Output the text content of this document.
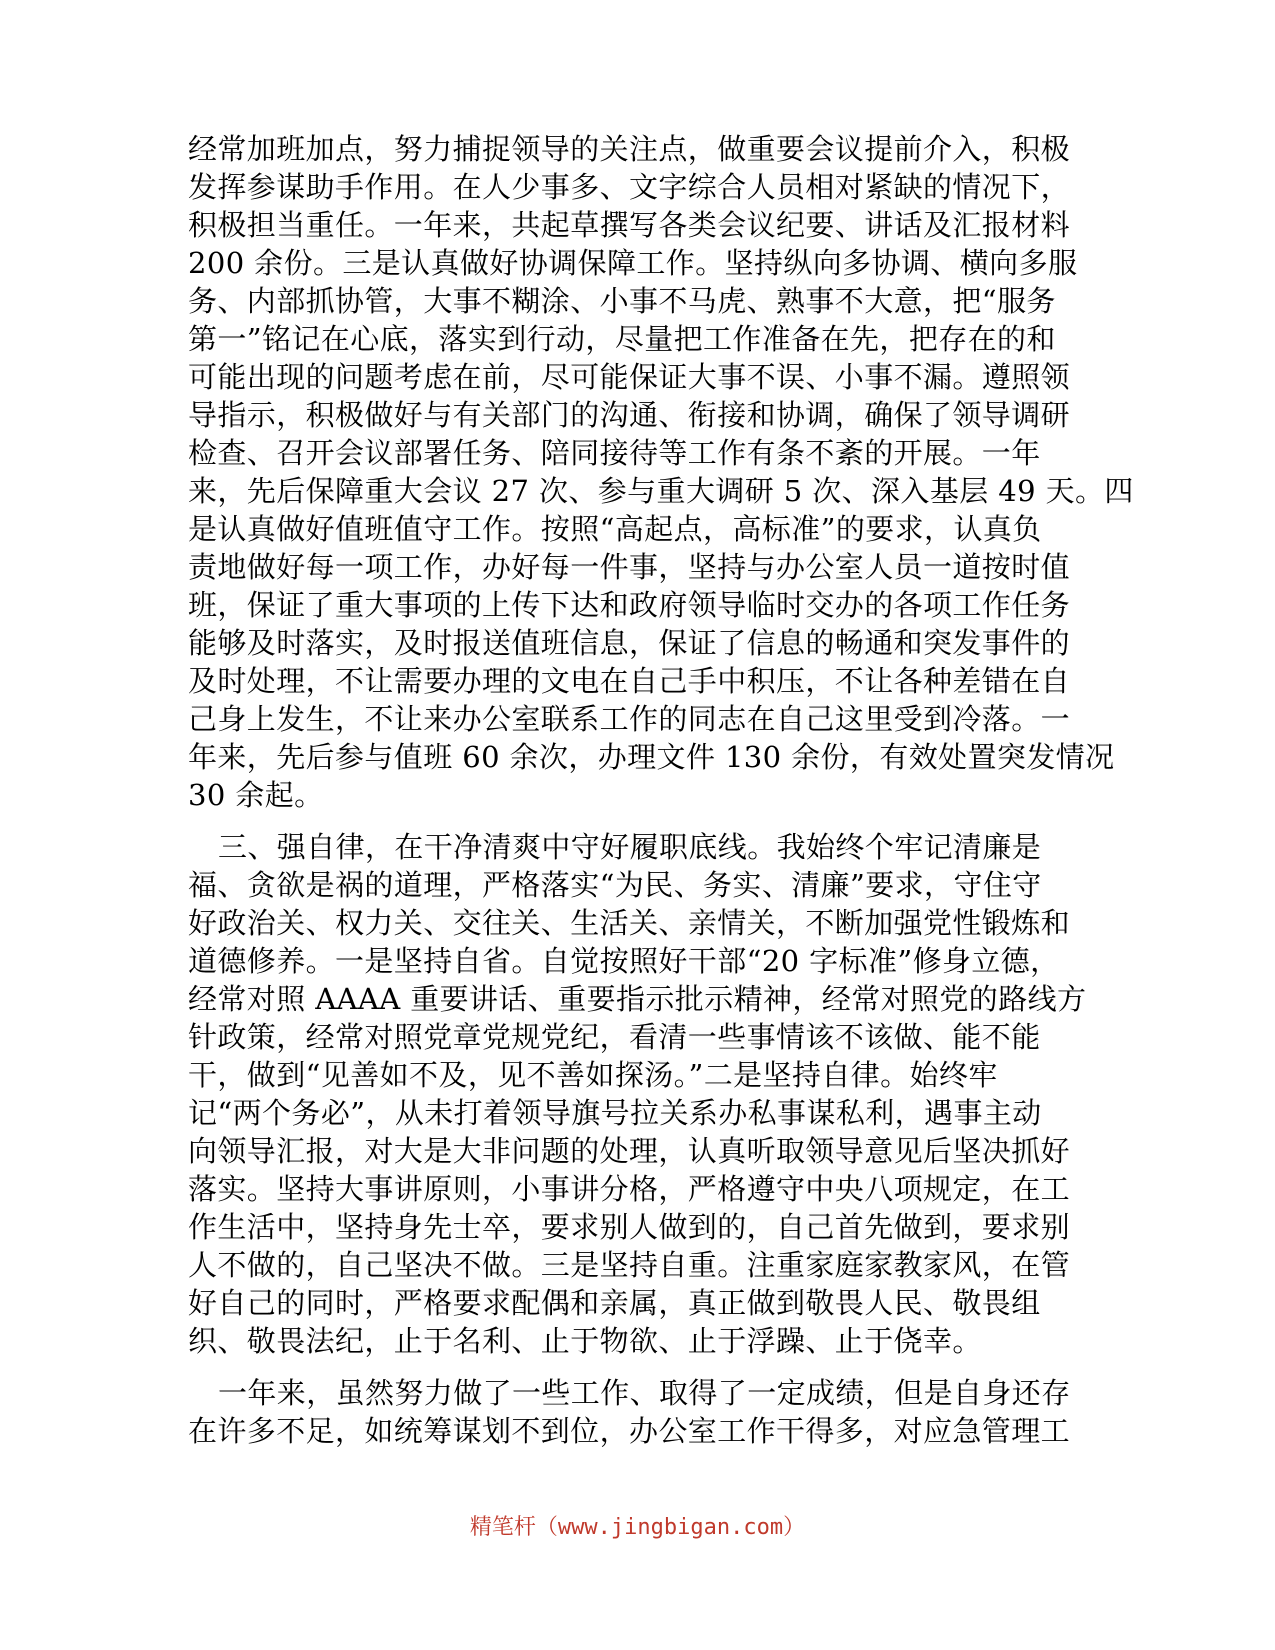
经常加班加点，努力捕捉领导的关注点，做重要会议提前介入，积极
发挥参谋助手作用。在人少事多、文字综合人员相对紧缺的情况下，
积极担当重任。一年来，共起草撰写各类会议纪要、讲话及汇报材料
200 余份。三是认真做好协调保障工作。坚持纵向多协调、横向多服
务、内部抓协管，大事不糊涂、小事不马虎、熟事不大意，把“服务
第一”铭记在心底，落实到行动，尽量把工作准备在先，把存在的和
可能出现的问题考虑在前，尽可能保证大事不误、小事不漏。遵照领
导指示，积极做好与有关部门的沟通、衔接和协调，确保了领导调研
检查、召开会议部署任务、陪同接待等工作有条不紊的开展。一年
来，先后保障重大会议 27 次、参与重大调研 5 次、深入基层 49 天。四
是认真做好值班值守工作。按照“高起点，高标准”的要求，认真负
责地做好每一项工作，办好每一件事，坚持与办公室人员一道按时值
班，保证了重大事项的上传下达和政府领导临时交办的各项工作任务
能够及时落实，及时报送值班信息，保证了信息的畅通和突发事件的
及时处理，不让需要办理的文电在自己手中积压，不让各种差错在自
己身上发生，不让来办公室联系工作的同志在自己这里受到冷落。一
年来，先后参与值班 60 余次，办理文件 130 余份，有效处置突发情况
30 余起。
三、强自律，在干净清爽中守好履职底线。我始终个牢记清廉是
福、贪欲是祸的道理，严格落实“为民、务实、清廉”要求，守住守
好政治关、权力关、交往关、生活关、亲情关，不断加强党性锻炼和
道德修养。一是坚持自省。自觉按照好干部“20 字标准”修身立德，
经常对照 AAAA 重要讲话、重要指示批示精神，经常对照党的路线方
针政策，经常对照党章党规党纪，看清一些事情该不该做、能不能
干，做到“见善如不及，见不善如探汤。”二是坚持自律。始终牢
记“两个务必”，从未打着领导旗号拉关系办私事谋私利，遇事主动
向领导汇报，对大是大非问题的处理，认真听取领导意见后坚决抓好
落实。坚持大事讲原则，小事讲分格，严格遵守中央八项规定，在工
作生活中，坚持身先士卒，要求别人做到的，自己首先做到，要求别
人不做的，自己坚决不做。三是坚持自重。注重家庭家教家风，在管
好自己的同时，严格要求配偶和亲属，真正做到敬畏人民、敬畏组
织、敬畏法纪，止于名利、止于物欲、止于浮躁、止于侥幸。
一年来，虽然努力做了一些工作、取得了一定成绩，但是自身还存
在许多不足，如统筹谋划不到位，办公室工作干得多，对应急管理工
精笔杆（www.jingbigan.com）
